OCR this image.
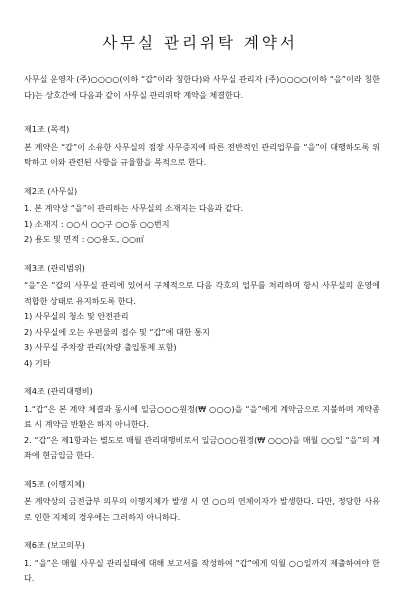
사무실 관리위탁 계약서

사무실 운영자 (주)○○○○(이하 “갑”이라 칭한다)와 사무실 관리자 (주)○○○○(이하 “을”이라 칭한다)는 상호간에 다음과 같이 사무실 관리위탁 계약을 체결한다.

제1조 (목적)

본 계약은 “갑”이 소유한 사무실의 점장 사무증지에 따른 전반적인 관리업무를 “을”이 대행하도록 위탁하고 이와 관련된 사항을 규율함을 목적으로 한다.

제2조 (사무실)

1. 본 계약상 “을”이 관리하는 사무실의 소재지는 다음과 같다.

1) 소재지 : ○○시 ○○구 ○○동 ○○번지

2) 용도 및 면적 : ○○용도, ○○㎡

제3조 (관리범위)

“을”은 “갑의 사무실 관리에 있어서 구체적으로 다음 각호의 업무를 처리하며 항시 사무실의 운영에 적합한 상태로 유지하도록 한다.

1) 사무실의 청소 및 안전관리

2) 사무실에 오는 우편물의 접수 및 “갑”에 대한 통지

3) 사무실 주차장 관리(차량 출입통제 포함)

4) 기타

제4조 (관리대행비)

1.“갑”은 본 계약 체결과 동시에 일금○○○원정(₩ ○○○)을 “을”에게 계약금으로 지불하며 계약종료 시 계약금 반환은 하지 아니한다.

2. “갑”은 제1항과는 별도로 매월 관리대행비로서 일금○○○원정(₩ ○○○)을 매월 ○○일 “을”의 계좌에 현금입금 한다.

제5조 (이행지체)

본 계약상의 금전급부 의무의 이행지체가 발생 시 연 ○○의 연체이자가 발생한다. 다만, 정당한 사유로 인한 지체의 경우에는 그러하지 아니하다.

제6조 (보고의무)

1. “을”은 매월 사무실 관리실태에 대해 보고서를 작성하여 “갑”에게 익월 ○○일까지 제출하여야 한다.
